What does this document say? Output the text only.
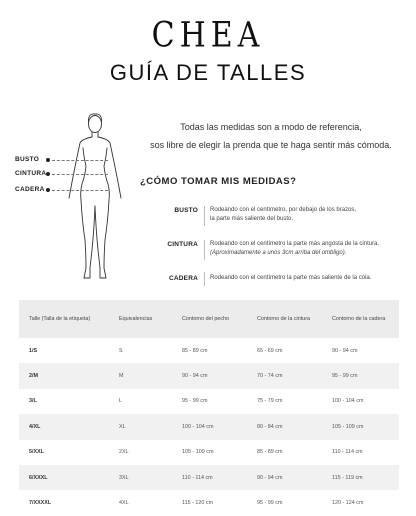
CHEA
GUÍA DE TALLES
BUSTO
CINTURA
CADERA
Todas las medidas son a modo de referencia,
sos libre de elegir la prenda que te haga sentir más cómoda.
¿CÓMO TOMAR MIS MEDIDAS?
BUSTO Rodeando con el centímetro, por debajo de los brazos,
la parte más saliente del busto.
CINTURA Rodeando con el centímetro la parte más angosta de la cintura.
(Aproximadamente a unos 3cm arriba del ombligo).
CADERA Rodeando con el centímetro la parte más saliente de la cola.
Talle (Talla de la etiqueta)	Equivalencias	Contorno del pecho	Contorno de la cintura	Contorno de la cadera
1/S	S	85 - 89 cm	65 - 69 cm	90 - 94 cm
2/M	M	90 - 94 cm	70 - 74 cm	95 - 99 cm
3/L	L	95 - 99 cm	75 - 79 cm	100 - 104 cm
4/XL	XL	100 - 104 cm	80 - 84 cm	105 - 109 cm
5/XXL	2XL	105 - 109 cm	85 - 89 cm	110 - 114 cm
6/XXXL	3XL	110 - 114 cm	90 - 94 cm	115 - 119 cm
7/XXXXL	4XL	115 - 120 cm	95 - 99 cm	120 - 124 cm
